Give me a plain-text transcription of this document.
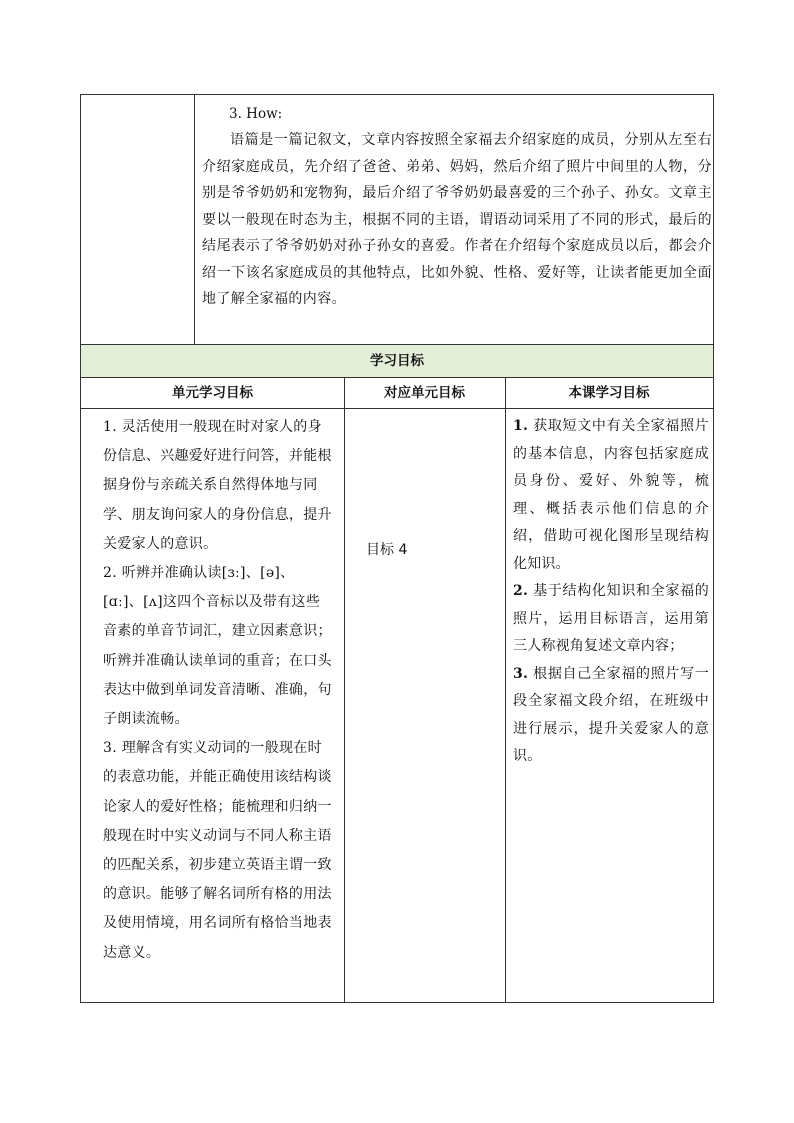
3. How:

语篇是一篇记叙文，文章内容按照全家福去介绍家庭的成员，分别从左至右介绍家庭成员，先介绍了爸爸、弟弟、妈妈，然后介绍了照片中间里的人物，分别是爷爷奶奶和宠物狗，最后介绍了爷爷奶奶最喜爱的三个孙子、孙女。文章主要以一般现在时态为主，根据不同的主语，谓语动词采用了不同的形式，最后的结尾表示了爷爷奶奶对孙子孙女的喜爱。作者在介绍每个家庭成员以后，都会介绍一下该名家庭成员的其他特点，比如外貌、性格、爱好等，让读者能更加全面地了解全家福的内容。

学习目标
单元学习目标	对应单元目标	本课学习目标

1. 灵活使用一般现在时对家人的身份信息、兴趣爱好进行问答，并能根据身份与亲疏关系自然得体地与同学、朋友询问家人的身份信息，提升关爱家人的意识。

2. 听辨并准确认读[ɜː]、[ə]、[ɑː]、[ʌ]这四个音标以及带有这些音素的单音节词汇，建立因素意识；听辨并准确认读单词的重音；在口头表达中做到单词发音清晰、准确，句子朗读流畅。

3. 理解含有实义动词的一般现在时的表意功能，并能正确使用该结构谈论家人的爱好性格；能梳理和归纳一般现在时中实义动词与不同人称主语的匹配关系，初步建立英语主谓一致的意识。能够了解名词所有格的用法及使用情境，用名词所有格恰当地表达意义。

目标 4

1. 获取短文中有关全家福照片的基本信息，内容包括家庭成员身份、爱好、外貌等，梳理、概括表示他们信息的介绍，借助可视化图形呈现结构化知识。

2. 基于结构化知识和全家福的照片，运用目标语言，运用第三人称视角复述文章内容；

3. 根据自己全家福的照片写一段全家福文段介绍，在班级中进行展示，提升关爱家人的意识。
